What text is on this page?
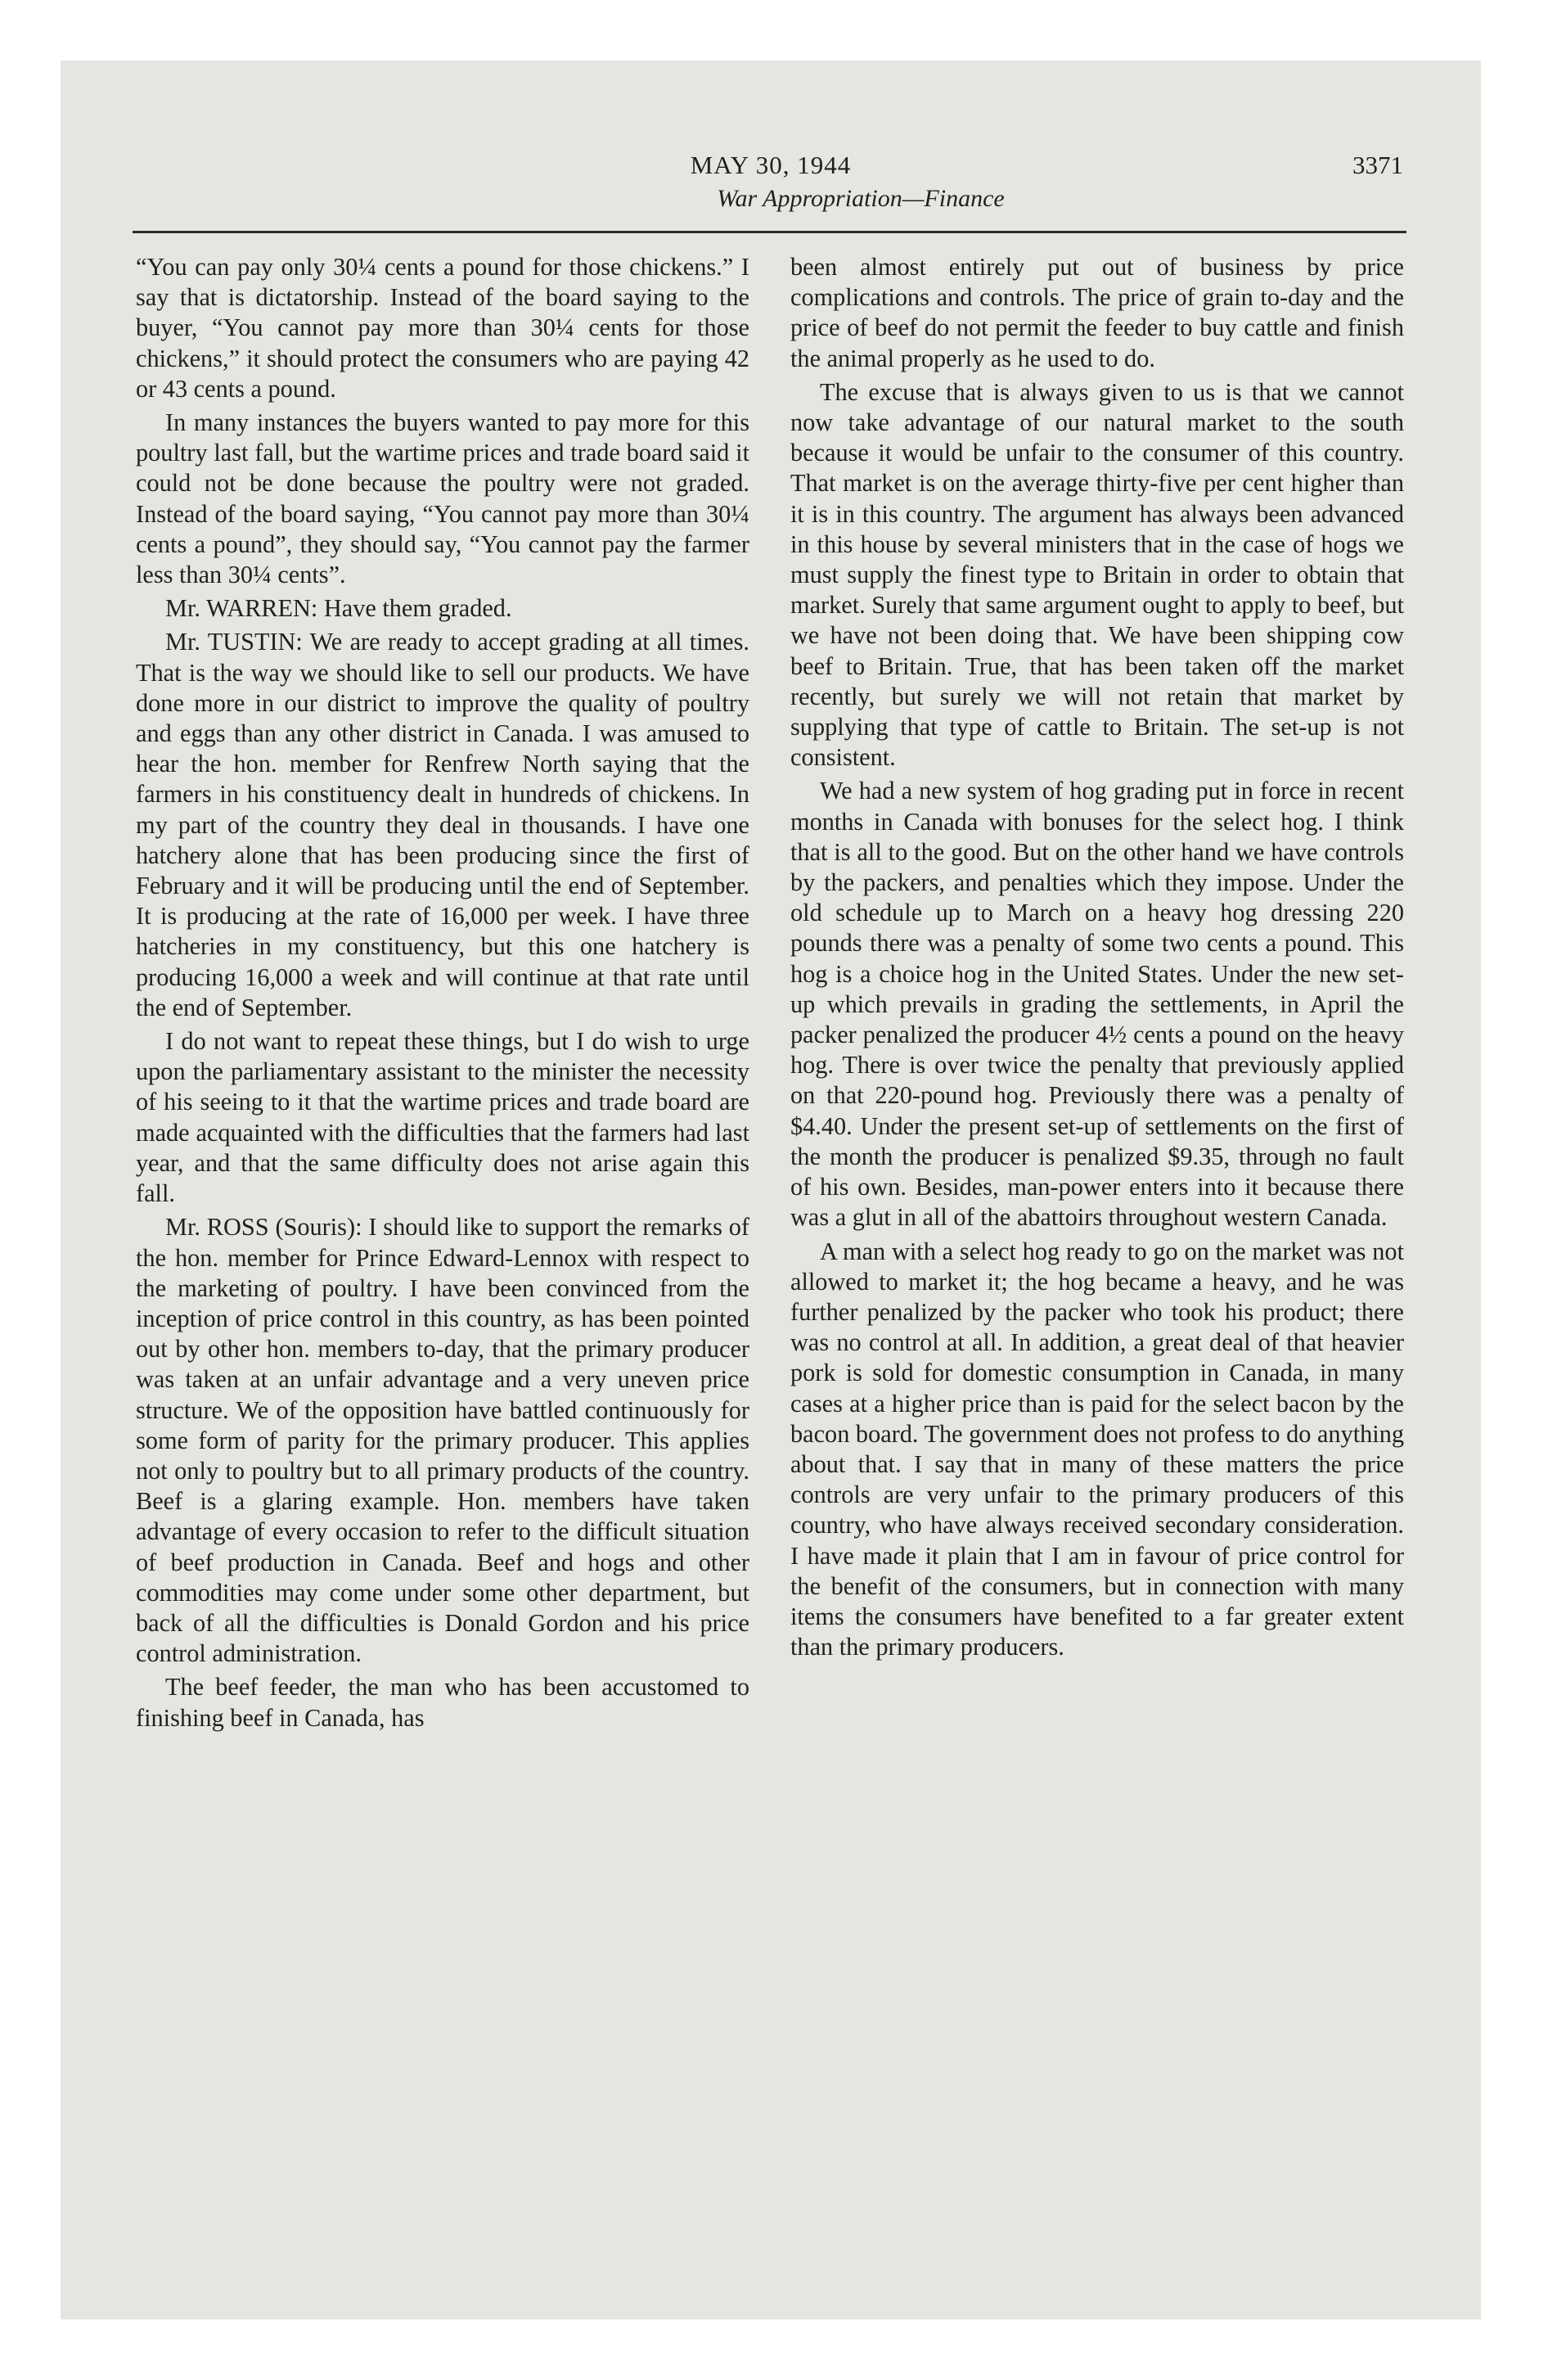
MAY 30, 1944	3371
War Appropriation—Finance

“You can pay only 30¼ cents a pound for those chickens.” I say that is dictatorship. Instead of the board saying to the buyer, “You cannot pay more than 30¼ cents for those chickens,” it should protect the consumers who are paying 42 or 43 cents a pound.

In many instances the buyers wanted to pay more for this poultry last fall, but the wartime prices and trade board said it could not be done because the poultry were not graded. Instead of the board saying, “You cannot pay more than 30¼ cents a pound”, they should say, “You cannot pay the farmer less than 30¼ cents”.

Mr. WARREN: Have them graded.

Mr. TUSTIN: We are ready to accept grading at all times. That is the way we should like to sell our products. We have done more in our district to improve the quality of poultry and eggs than any other district in Canada. I was amused to hear the hon. member for Renfrew North saying that the farmers in his constituency dealt in hundreds of chickens. In my part of the country they deal in thousands. I have one hatchery alone that has been producing since the first of February and it will be producing until the end of September. It is producing at the rate of 16,000 per week. I have three hatcheries in my constituency, but this one hatchery is producing 16,000 a week and will continue at that rate until the end of September.

I do not want to repeat these things, but I do wish to urge upon the parliamentary assistant to the minister the necessity of his seeing to it that the wartime prices and trade board are made acquainted with the difficulties that the farmers had last year, and that the same difficulty does not arise again this fall.

Mr. ROSS (Souris): I should like to support the remarks of the hon. member for Prince Edward-Lennox with respect to the marketing of poultry. I have been convinced from the inception of price control in this country, as has been pointed out by other hon. members to-day, that the primary producer was taken at an unfair advantage and a very uneven price structure. We of the opposition have battled continuously for some form of parity for the primary producer. This applies not only to poultry but to all primary products of the country. Beef is a glaring example. Hon. members have taken advantage of every occasion to refer to the difficult situation of beef production in Canada. Beef and hogs and other commodities may come under some other department, but back of all the difficulties is Donald Gordon and his price control administration.

The beef feeder, the man who has been accustomed to finishing beef in Canada, has

been almost entirely put out of business by price complications and controls. The price of grain to-day and the price of beef do not permit the feeder to buy cattle and finish the animal properly as he used to do.

The excuse that is always given to us is that we cannot now take advantage of our natural market to the south because it would be unfair to the consumer of this country. That market is on the average thirty-five per cent higher than it is in this country. The argument has always been advanced in this house by several ministers that in the case of hogs we must supply the finest type to Britain in order to obtain that market. Surely that same argument ought to apply to beef, but we have not been doing that. We have been shipping cow beef to Britain. True, that has been taken off the market recently, but surely we will not retain that market by supplying that type of cattle to Britain. The set-up is not consistent.

We had a new system of hog grading put in force in recent months in Canada with bonuses for the select hog. I think that is all to the good. But on the other hand we have controls by the packers, and penalties which they impose. Under the old schedule up to March on a heavy hog dressing 220 pounds there was a penalty of some two cents a pound. This hog is a choice hog in the United States. Under the new set-up which prevails in grading the settlements, in April the packer penalized the producer 4½ cents a pound on the heavy hog. There is over twice the penalty that previously applied on that 220-pound hog. Previously there was a penalty of $4.40. Under the present set-up of settlements on the first of the month the producer is penalized $9.35, through no fault of his own. Besides, man-power enters into it because there was a glut in all of the abattoirs throughout western Canada.

A man with a select hog ready to go on the market was not allowed to market it; the hog became a heavy, and he was further penalized by the packer who took his product; there was no control at all. In addition, a great deal of that heavier pork is sold for domestic consumption in Canada, in many cases at a higher price than is paid for the select bacon by the bacon board. The government does not profess to do anything about that. I say that in many of these matters the price controls are very unfair to the primary producers of this country, who have always received secondary consideration. I have made it plain that I am in favour of price control for the benefit of the consumers, but in connection with many items the consumers have benefited to a far greater extent than the primary producers.
